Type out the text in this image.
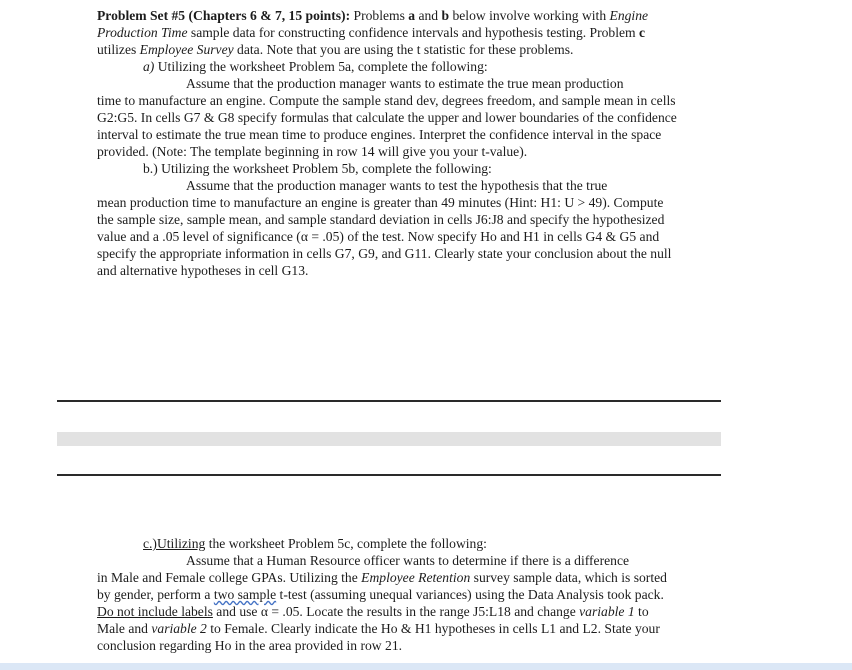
Problem Set #5 (Chapters 6 & 7, 15 points): Problems a and b below involve working with Engine Production Time sample data for constructing confidence intervals and hypothesis testing. Problem c utilizes Employee Survey data. Note that you are using the t statistic for these problems.

a) Utilizing the worksheet Problem 5a, complete the following:

Assume that the production manager wants to estimate the true mean production

time to manufacture an engine. Compute the sample stand dev, degrees freedom, and sample mean in cells G2:G5. In cells G7 & G8 specify formulas that calculate the upper and lower boundaries of the confidence interval to estimate the true mean time to produce engines. Interpret the confidence interval in the space provided. (Note: The template beginning in row 14 will give you your t-value).

b.) Utilizing the worksheet Problem 5b, complete the following:

Assume that the production manager wants to test the hypothesis that the true

mean production time to manufacture an engine is greater than 49 minutes (Hint: H1: U > 49). Compute the sample size, sample mean, and sample standard deviation in cells J6:J8 and specify the hypothesized value and a .05 level of significance (α = .05) of the test. Now specify Ho and H1 in cells G4 & G5 and specify the appropriate information in cells G7, G9, and G11. Clearly state your conclusion about the null and alternative hypotheses in cell G13.

c.)Utilizing the worksheet Problem 5c, complete the following:

Assume that a Human Resource officer wants to determine if there is a difference

in Male and Female college GPAs. Utilizing the Employee Retention survey sample data, which is sorted by gender, perform a two sample t-test (assuming unequal variances) using the Data Analysis took pack. Do not include labels and use α = .05. Locate the results in the range J5:L18 and change variable 1 to Male and variable 2 to Female. Clearly indicate the Ho & H1 hypotheses in cells L1 and L2. State your conclusion regarding Ho in the area provided in row 21.
